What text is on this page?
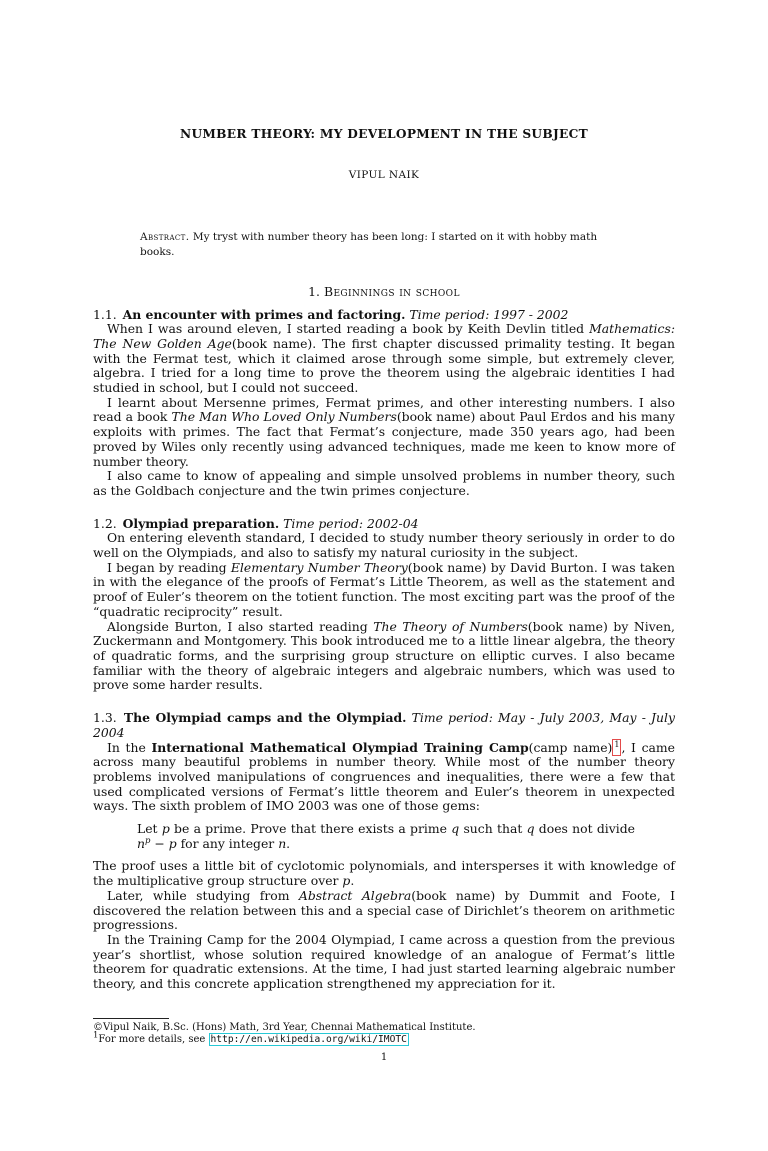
NUMBER THEORY: MY DEVELOPMENT IN THE SUBJECT
VIPUL NAIK
Abstract. My tryst with number theory has been long: I started on it with hobby math books.
1. Beginnings in school

1.1. An encounter with primes and factoring. Time period: 1997 - 2002

When I was around eleven, I started reading a book by Keith Devlin titled Mathematics: The New Golden Age(book name). The first chapter discussed primality testing. It began with the Fermat test, which it claimed arose through some simple, but extremely clever, algebra. I tried for a long time to prove the theorem using the algebraic identities I had studied in school, but I could not succeed.

I learnt about Mersenne primes, Fermat primes, and other interesting numbers. I also read a book The Man Who Loved Only Numbers(book name) about Paul Erdos and his many exploits with primes. The fact that Fermat’s conjecture, made 350 years ago, had been proved by Wiles only recently using advanced techniques, made me keen to know more of number theory.

I also came to know of appealing and simple unsolved problems in number theory, such as the Goldbach conjecture and the twin primes conjecture.

1.2. Olympiad preparation. Time period: 2002-04

On entering eleventh standard, I decided to study number theory seriously in order to do well on the Olympiads, and also to satisfy my natural curiosity in the subject.

I began by reading Elementary Number Theory(book name) by David Burton. I was taken in with the elegance of the proofs of Fermat’s Little Theorem, as well as the statement and proof of Euler’s theorem on the totient function. The most exciting part was the proof of the “quadratic reciprocity” result.

Alongside Burton, I also started reading The Theory of Numbers(book name) by Niven, Zuckermann and Montgomery. This book introduced me to a little linear algebra, the theory of quadratic forms, and the surprising group structure on elliptic curves. I also became familiar with the theory of algebraic integers and algebraic numbers, which was used to prove some harder results.

1.3. The Olympiad camps and the Olympiad. Time period: May - July 2003, May - July 2004

In the International Mathematical Olympiad Training Camp(camp name) $^1$ , I came across many beautiful problems in number theory. While most of the number theory problems involved manipulations of congruences and inequalities, there were a few that used complicated versions of Fermat’s little theorem and Euler’s theorem in unexpected ways. The sixth problem of IMO 2003 was one of those gems:

Let p be a prime. Prove that there exists a prime q such that q does not divide $n^p - p$ for any integer n.

The proof uses a little bit of cyclotomic polynomials, and intersperses it with knowledge of the multiplicative group structure over p.

Later, while studying from Abstract Algebra(book name) by Dummit and Foote, I discovered the relation between this and a special case of Dirichlet’s theorem on arithmetic progressions.

In the Training Camp for the 2004 Olympiad, I came across a question from the previous year’s shortlist, whose solution required knowledge of an analogue of Fermat’s little theorem for quadratic extensions. At the time, I had just started learning algebraic number theory, and this concrete application strengthened my appreciation for it.

©Vipul Naik, B.Sc. (Hons) Math, 3rd Year, Chennai Mathematical Institute.
$^1$For more details, see http://en.wikipedia.org/wiki/IMOTC
1
